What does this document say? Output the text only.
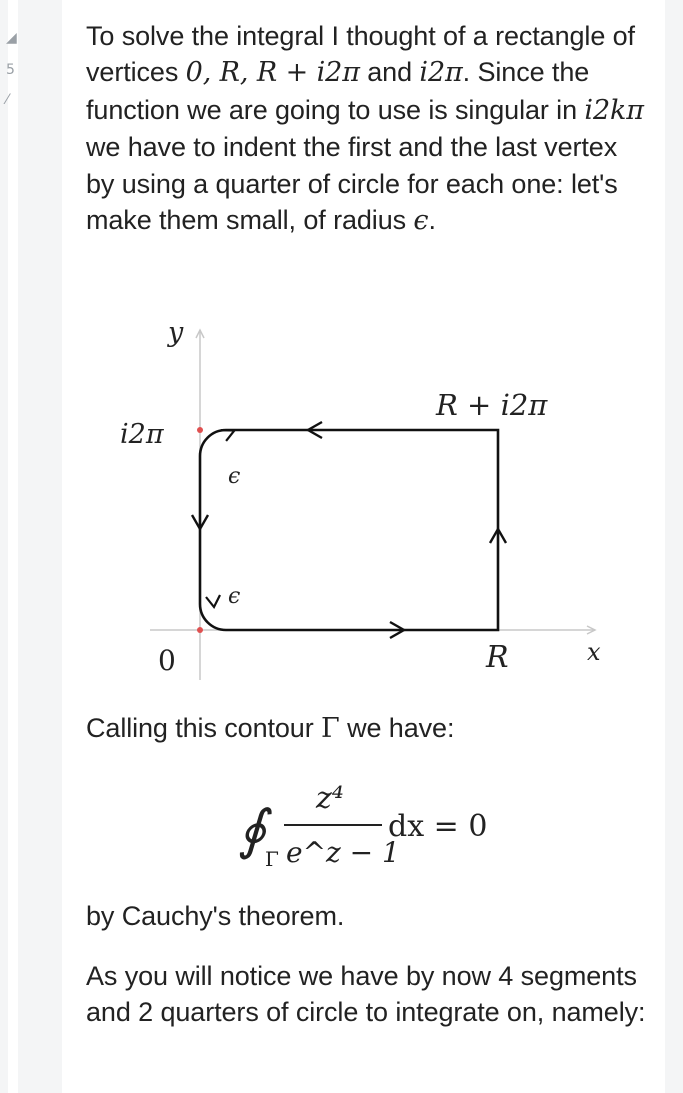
◢
5
⁄

To solve the integral I thought of a rectangle of vertices 0, R, R + i2π and i2π. Since the function we are going to use is singular in i2kπ we have to indent the first and the last vertex by using a quarter of circle for each one: let's make them small, of radius ϵ.

y
x
i2π
R + i2π
0	R
ϵ
ϵ

Calling this contour Γ we have:

∮
Γ
z⁴
e^z − 1
dx = 0

by Cauchy's theorem.

As you will notice we have by now 4 segments and 2 quarters of circle to integrate on, namely:
